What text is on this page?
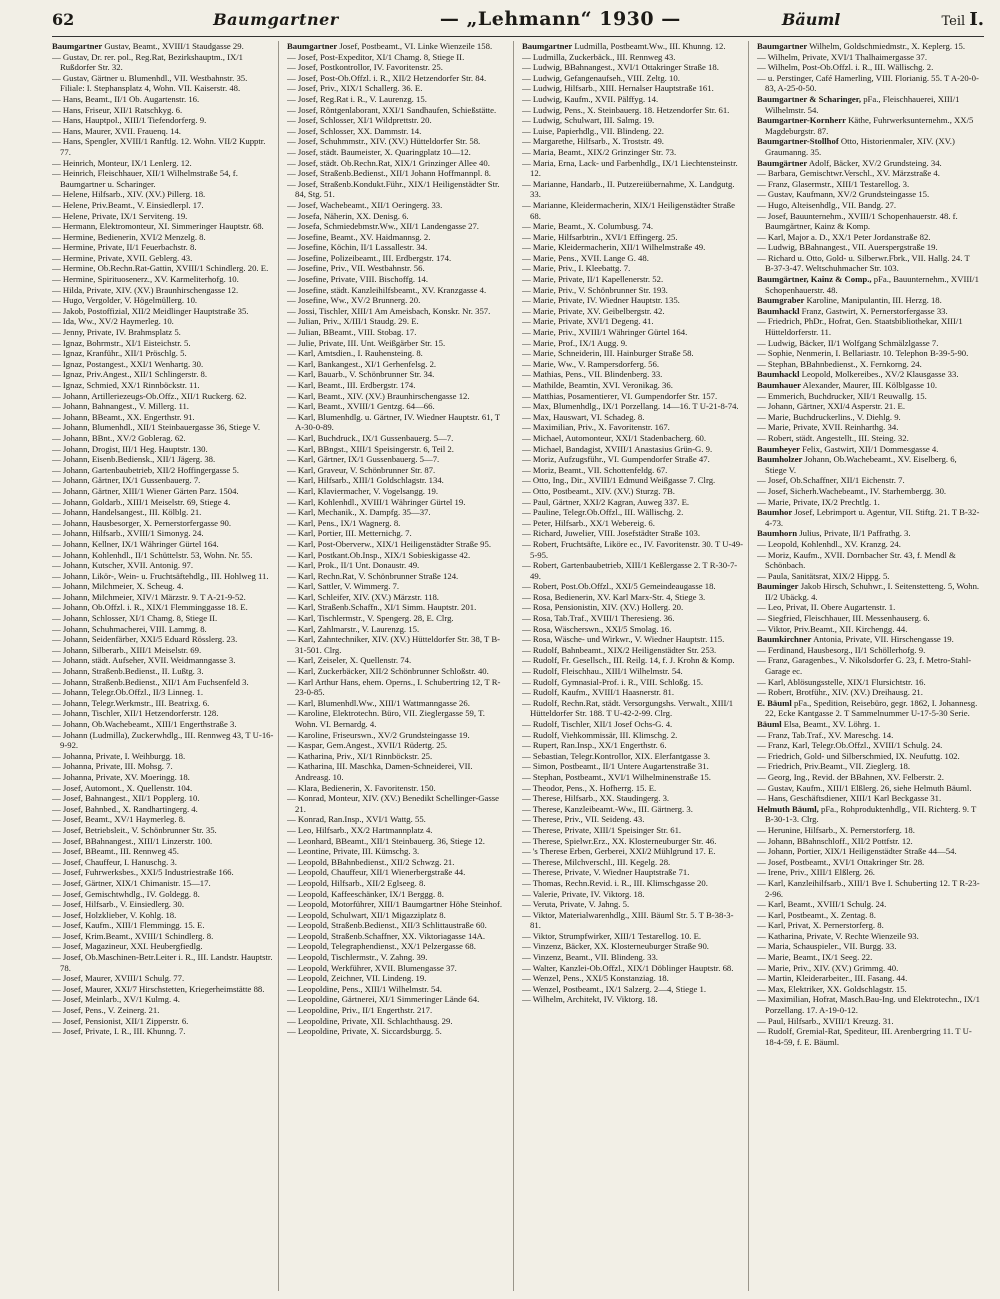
62	Baumgartner	— „Lehmann“ 1930 —	Bäuml	Teil I.

Baumgartner Gustav, Beamt., XVIII/1 Staudgasse 29.

— Gustav, Dr. rer. pol., Reg.Rat, Bezirkshauptm., IX/1 Rußdorfer Str. 32.

— Gustav, Gärtner u. Blumenhdl., VII. Westbahnstr. 35. Filiale: I. Stephansplatz 4, Wohn. VII. Kaiserstr. 48.

— Hans, Beamt., II/1 Ob. Augartenstr. 16.

— Hans, Friseur, XII/1 Ratschkyg. 6.

— Hans, Hauptpol., XIII/1 Tiefendorferg. 9.

— Hans, Maurer, XVII. Frauenq. 14.

— Hans, Spengler, XVIII/1 Ranftlg. 12. Wohn. VII/2 Kupptr. 77.

— Heinrich, Monteur, IX/1 Lenlerg. 12.

— Heinrich, Fleischhauer, XII/1 Wilhelmstraße 54, f. Baumgartner u. Scharinger.

— Helene, Hilfsarb., XIV. (XV.) Pillerg. 18.

— Helene, Priv.Beamt., V. Einsiedlerpl. 17.

— Helene, Private, IX/1 Serviteng. 19.

— Hermann, Elektromonteur, XI. Simmeringer Hauptstr. 68.

— Hermine, Bedienerin, XVI/2 Menzelg. 8.

— Hermine, Private, II/1 Feuerbachstr. 8.

— Hermine, Private, XVII. Geblerg. 43.

— Hermine, Ob.Rechn.Rat-Gattin, XVIII/1 Schindlerg. 20. E.

— Hermine, Spirituosenerz., XV. Karmeliterhofg. 10.

— Hilda, Private, XIV. (XV.) Braunhirschengasse 12.

— Hugo, Vergolder, V. Högelmüllerg. 10.

— Jakob, Postoffizial, XII/2 Meidlinger Hauptstraße 35.

— Ida, Ww., XV/2 Haymerleg. 10.

— Jenny, Private, IV. Brahmsplatz 5.

— Ignaz, Bohrmstr., XI/1 Eisteichstr. 5.

— Ignaz, Kranführ., XII/1 Pröschlg. 5.

— Ignaz, Postangest., XXI/1 Wenhartg. 30.

— Ignaz, Priv.Angest., XII/1 Schlingerstr. 8.

— Ignaz, Schmied, XX/1 Rinnböckstr. 11.

— Johann, Artilleriezeugs-Ob.Offz., XII/1 Ruckerg. 62.

— Johann, Bahnangest., V. Millerg. 11.

— Johann, BBeamt., XX. Engerthstr. 91.

— Johann, Blumenhdl., XII/1 Steinbauergasse 36, Stiege V.

— Johann, BBnt., XV/2 Goblerag. 62.

— Johann, Drogist, III/1 Heg. Hauptstr. 130.

— Johann, Eisenb.Bediensk., XII/1 Jägerg. 38.

— Johann, Gartenbaubetrieb, XII/2 Hoffingergasse 5.

— Johann, Gärtner, IX/1 Gussenbauerg. 7.

— Johann, Gärtner, XIII/1 Wiener Gärten Parz. 1504.

— Johann, Goldarb., XIII/1 Meiselstr. 69, Stiege 4.

— Johann, Handelsangest., III. Kölblg. 21.

— Johann, Hausbesorger, X. Pernerstorfergasse 90.

— Johann, Hilfsarb., XVIII/1 Simonyg. 24.

— Johann, Kellner, IX/1 Währinger Gürtel 164.

— Johann, Kohlenhdl., II/1 Schüttelstr. 53, Wohn. Nr. 55.

— Johann, Kutscher, XVII. Antonig. 97.

— Johann, Likör-, Wein- u. Fruchtsäftehdlg., III. Hohlweg 11.

— Johann, Milchmeier, X. Scheug. 4.

— Johann, Milchmeier, XIV/1 Märzstr. 9. T A-21-9-52.

— Johann, Ob.Offzl. i. R., XIX/1 Flemminggasse 18. E.

— Johann, Schlosser, XI/1 Chamg. 8, Stiege II.

— Johann, Schuhmacherei, VIII. Lammg. 8.

— Johann, Seidenfärber, XXI/5 Eduard Rösslerg. 23.

— Johann, Silberarb., XIII/1 Meiselstr. 69.

— Johann, städt. Aufseher, XVII. Weidmanngasse 3.

— Johann, Straßenb.Bedienst., II. Lußtg. 3.

— Johann, Straßenb.Bedienst., XII/1 Am Fuchsenfeld 3.

— Johann, Telegr.Ob.Offzl., II/3 Linneg. 1.

— Johann, Telegr.Werkmstr., III. Beatrixg. 6.

— Johann, Tischler, XII/1 Hetzendorferstr. 128.

— Johann, Ob.Wachebeamt., XIII/1 Engerthstraße 3.

— Johann (Ludmilla), Zuckerwhdlg., III. Rennweg 43, T U-16-9-92.

— Johanna, Private, I. Weihburgg. 18.

— Johanna, Private, III. Mohsg. 7.

— Johanna, Private, XV. Moeringg. 18.

— Josef, Automont., X. Quellenstr. 104.

— Josef, Bahnangest., XII/1 Popplerg. 10.

— Josef, Bahnbed., X. Randhartingerg. 4.

— Josef, Beamt., XV/1 Haymerleg. 8.

— Josef, Betriebsleit., V. Schönbrunner Str. 35.

— Josef, BBahnangest., XIII/1 Linzerstr. 100.

— Josef, BBeamt., III. Rennweg 45.

— Josef, Chauffeur, I. Hanuschg. 3.

— Josef, Fuhrwerksbes., XXI/5 Industriestraße 166.

— Josef, Gärtner, XIX/1 Chimanistr. 15—17.

— Josef, Gemischtwhdlg., IV. Goldegg. 8.

— Josef, Hilfsarb., V. Einsiedlerg. 30.

— Josef, Holzklieber, V. Kohlg. 18.

— Josef, Kaufm., XIII/1 Flemmingg. 15. E.

— Josef, Krim.Beamt., XVIII/1 Schindlerg. 8.

— Josef, Magazineur, XXI. Heubergfiedlg.

— Josef, Ob.Maschinen-Betr.Leiter i. R., III. Landstr. Hauptstr. 78.

— Josef, Maurer, XVIII/1 Schulg. 77.

— Josef, Maurer, XXI/7 Hirschstetten, Kriegerheimstätte 88.

— Josef, Meinlarb., XV/1 Kulmg. 4.

— Josef, Pens., V. Zeinerg. 21.

— Josef, Pensionist, XII/1 Zipperstr. 6.

— Josef, Private, I. R., III. Khunng. 7.

Baumgartner Josef, Postbeamt., VI. Linke Wienzeile 158.

— Josef, Post-Expeditor, XI/1 Chamg. 8, Stiege II.

— Josef, Postkontrollor, IV. Favoritenstr. 25.

— Josef, Post-Ob.Offzl. i. R., XII/2 Hetzendorfer Str. 84.

— Josef, Priv., XIX/1 Schallerg. 36. E.

— Josef, Reg.Rat i. R., V. Laurenzg. 15.

— Josef, Röntgenlaborant, XXI/1 Sandhaufen, Schießstätte.

— Josef, Schlosser, XI/1 Wildprettstr. 20.

— Josef, Schlosser, XX. Dammstr. 14.

— Josef, Schuhmmstr., XIV. (XV.) Hütteldorfer Str. 58.

— Josef, städt. Baumeister, X. Quaringplatz 10—12.

— Josef, städt. Ob.Rechn.Rat, XIX/1 Grinzinger Allee 40.

— Josef, Straßenb.Bedienst., XII/1 Johann Hoffmannpl. 8.

— Josef, Straßenb.Kondukt.Führ., XIX/1 Heiligenstädter Str. 84, Stg. 51.

— Josef, Wachebeamt., XII/1 Oeringerg. 33.

— Josefa, Näherin, XX. Denisg. 6.

— Josefa, Schmiedebmstr.Ww., XII/1 Landengasse 27.

— Josefine, Beamt., XV. Haidmannsg. 2.

— Josefine, Köchin, II/1 Lassallestr. 34.

— Josefine, Polizeibeamt., III. Erdbergstr. 174.

— Josefine, Priv., VII. Westbahnstr. 56.

— Josefine, Private, VIII. Bischoffg. 14.

— Josefine, städt. Kanzleihilfsbeamt., XV. Kranzgasse 4.

— Josefine, Ww., XV/2 Brunnerg. 20.

— Jossi, Tischler, XIII/1 Am Ameisbach, Konskr. Nr. 357.

— Julian, Priv., X/III/1 Staudg. 29. E.

— Julian, BBeamt., VIII. Stobag. 17.

— Julie, Private, III. Unt. Weißgärber Str. 15.

— Karl, Amtsdien., I. Rauhensteing. 8.

— Karl, Bankangest., XI/1 Gerhenfelsg. 2.

— Karl, Bauarb., V. Schönbrunner Str. 34.

— Karl, Beamt., III. Erdbergstr. 174.

— Karl, Beamt., XIV. (XV.) Braunhirschengasse 12.

— Karl, Beamt., XVIII/1 Gentzg. 64—66.

— Karl, Blumenhdlg. u. Gärtner, IV. Wiedner Hauptstr. 61, T A-30-0-89.

— Karl, Buchdruck., IX/1 Gussenbauerg. 5—7.

— Karl, BBngst., XIII/1 Speisingerstr. 6, Teil 2.

— Karl, Gärtner, IX/1 Gussenbauerg. 5—7.

— Karl, Graveur, V. Schönbrunner Str. 87.

— Karl, Hilfsarb., XIII/1 Goldschlagstr. 134.

— Karl, Klaviermacher, V. Vogelsangg. 19.

— Karl, Kohlenhdl., XVIII/1 Währinger Gürtel 19.

— Karl, Mechanik., X. Dampfg. 35—37.

— Karl, Pens., IX/1 Wagnerg. 8.

— Karl, Portier, III. Metternichg. 7.

— Karl, Post-Oberverw., XIX/1 Heiligenstädter Straße 95.

— Karl, Postkant.Ob.Insp., XIX/1 Sobieskigasse 42.

— Karl, Prok., II/1 Unt. Donaustr. 49.

— Karl, Rechn.Rat, V. Schönbrunner Straße 124.

— Karl, Sattler, V. Wimmerg. 7.

— Karl, Schleifer, XIV. (XV.) Märzstr. 118.

— Karl, Straßenb.Schaffn., XI/1 Simm. Hauptstr. 201.

— Karl, Tischlermstr., V. Spengerg. 28, E. Clrg.

— Karl, Zahlmarstr., V. Laurenzg. 15.

— Karl, Zahntechniker, XIV. (XV.) Hütteldorfer Str. 38, T B-31-501. Clrg.

— Karl, Zeiseler, X. Quellenstr. 74.

— Karl, Zuckerbäcker, XII/2 Schönbrunner Schloßstr. 40.

— Karl Arthur Hans, ehem. Operns., I. Schubertring 12, T R-23-0-85.

— Karl, Blumenhdl.Ww., XIII/1 Wattmanngasse 26.

— Karoline, Elektrotechn. Büro, VII. Zieglergasse 59, T. Wohn. VI. Bernardg. 4.

— Karoline, Friseurswn., XV/2 Grundsteingasse 19.

— Kaspar, Gem.Angest., XVII/1 Rüdertg. 25.

— Katharina, Priv., XI/1 Rinnböckstr. 25.

— Katharina, III. Maschka, Damen-Schneiderei, VII. Andreasg. 10.

— Klara, Bedienerin, X. Favoritenstr. 150.

— Konrad, Monteur, XIV. (XV.) Benedikt Schellinger-Gasse 21.

— Konrad, Ran.Insp., XVI/1 Wattg. 55.

— Leo, Hilfsarb., XX/2 Hartmannplatz 4.

— Leonhard, BBeamt., XII/1 Steinbauerg. 36, Stiege 12.

— Leontine, Private, III. Kümschg. 3.

— Leopold, BBahnbedienst., XII/2 Schwzg. 21.

— Leopold, Chauffeur, XII/1 Wienerbergstraße 44.

— Leopold, Hilfsarb., XII/2 Eglseeg. 8.

— Leopold, Kaffeeschänker, IX/1 Berggg. 8.

— Leopold, Motorführer, XIII/1 Baumgartner Höhe Steinhof.

— Leopold, Schulwart, XII/1 Migazziplatz 8.

— Leopold, Straßenb.Bedienst., XII/3 Schlittaustraße 60.

— Leopold, Straßenb.Schaffner, XX. Viktoriagasse 14A.

— Leopold, Telegraphendienst., XX/1 Pelzergasse 68.

— Leopold, Tischlermstr., V. Zahng. 39.

— Leopold, Werkführer, XVII. Blumengasse 37.

— Leopold, Zeichner, VII. Lindeng. 19.

— Leopoldine, Pens., XIII/1 Wilhelmstr. 54.

— Leopoldine, Gärtnerei, XI/1 Simmeringer Lände 64.

— Leopoldine, Priv., II/1 Engerthstr. 217.

— Leopoldine, Private, XII. Schlachthausg. 29.

— Leopoldine, Private, X. Siccardsburgg. 5.

Baumgartner Ludmilla, Postbeamt.Ww., III. Khunng. 12.

— Ludmilla, Zuckerbäck., III. Rennweg 43.

— Ludwig, BBahnangest., XVI/1 Ottakringer Straße 18.

— Ludwig, Gefangenaufseh., VIII. Zeltg. 10.

— Ludwig, Hilfsarb., XIII. Hernalser Hauptstraße 161.

— Ludwig, Kaufm., XVII. Pälffyg. 14.

— Ludwig, Pens., X. Steinbauerg. 18. Hetzendorfer Str. 61.

— Ludwig, Schulwart, III. Salmg. 19.

— Luise, Papierhdlg., VII. Blindeng. 22.

— Margarethe, Hilfsarb., X. Troststr. 49.

— Maria, Beamt., XIX/2 Grinzinger Str. 73.

— Maria, Erna, Lack- und Farbenhdlg., IX/1 Liechtensteinstr. 12.

— Marianne, Handarb., II. Putzereiübernahme, X. Landgutg. 33.

— Marianne, Kleidermacherin, XIX/1 Heiligenstädter Straße 68.

— Marie, Beamt., X. Columbusg. 74.

— Marie, Hilfsarbtrin., XVI/1 Effingerg. 25.

— Marie, Kleidermacherin, XII/1 Wilhelmstraße 49.

— Marie, Pens., XVII. Lange G. 48.

— Marie, Priv., I. Kleebattg. 7.

— Marie, Private, II/1 Kapellenerstr. 52.

— Marie, Priv., V. Schönbrunner Str. 193.

— Marie, Private, IV. Wiedner Hauptstr. 135.

— Marie, Private, XV. Geibelbergstr. 42.

— Marie, Private, XVI/1 Degeng. 41.

— Marie, Priv., XVIII/1 Währinger Gürtel 164.

— Marie, Prof., IX/1 Augg. 9.

— Marie, Schneiderin, III. Hainburger Straße 58.

— Marie, Ww., V. Rampersdorferg. 56.

— Mathias, Pens., VII. Blindenberg. 33.

— Mathilde, Beamtin, XVI. Veronikag. 36.

— Matthias, Posamentierer, VI. Gumpendorfer Str. 157.

— Max, Blumenhdlg., IX/1 Porzellang. 14—16. T U-21-8-74.

— Max, Hauswart, VI. Schadeg. 8.

— Maximilian, Priv., X. Favoritenstr. 167.

— Michael, Automonteur, XXI/1 Stadenbacherg. 60.

— Michael, Bandagist, XVIII/1 Anastasius Grün-G. 9.

— Moriz, Aufzugsführ., VI. Gumpendorfer Straße 47.

— Moriz, Beamt., VII. Schottenfeldg. 67.

— Otto, Ing., Dir., XVIII/1 Edmund Weißgasse 7. Clrg.

— Otto, Postbeamt., XIV. (XV.) Sturzg. 7B.

— Paul, Gärtner, XXI/2 Kagran, Auweg 337. E.

— Pauline, Telegr.Ob.Offzl., III. Wällischg. 2.

— Peter, Hilfsarb., XX/1 Webereig. 6.

— Richard, Juwelier, VIII. Josefstädter Straße 103.

— Robert, Fruchtsäfte, Liköre ec., IV. Favoritenstr. 30. T U-49-5-95.

— Robert, Gartenbaubetrieb, XIII/1 Keßlergasse 2. T R-30-7-49.

— Robert, Post.Ob.Offzl., XXI/5 Gemeindeaugasse 18.

— Rosa, Bedienerin, XV. Karl Marx-Str. 4, Stiege 3.

— Rosa, Pensionistin, XIV. (XV.) Hollerg. 20.

— Rosa, Tab.Traf., XVIII/1 Theresieng. 36.

— Rosa, Wäscherswn., XXI/5 Smolag. 16.

— Rosa, Wäsche- und Wirkwr., V. Wiedner Hauptstr. 115.

— Rudolf, Bahnbeamt., XIX/2 Heiligenstädter Str. 253.

— Rudolf, Fr. Gesellsch., III. Reilg. 14, f. J. Krohn & Komp.

— Rudolf, Fleischhau., XIII/1 Wilhelmstr. 54.

— Rudolf, Gymnasial-Prof. i. R., VIII. Schloßg. 15.

— Rudolf, Kaufm., XVIII/1 Haasnerstr. 81.

— Rudolf, Rechn.Rat, städt. Versorgungshs. Verwalt., XIII/1 Hütteldorfer Str. 188. T U-42-2-99. Clrg.

— Rudolf, Tischler, XII/1 Josef Ochs-G. 4.

— Rudolf, Viehkommissär, III. Klimschg. 2.

— Rupert, Ran.Insp., XX/1 Engerthstr. 6.

— Sebastian, Telegr.Kontrollor, XIX. Elerfantgasse 3.

— Simon, Postbeamt., II/1 Untere Augartenstraße 31.

— Stephan, Postbeamt., XVI/1 Wilhelminenstraße 15.

— Theodor, Pens., X. Hofherrg. 15. E.

— Therese, Hilfsarb., XX. Staudingerg. 3.

— Therese, Kanzleibeamt.-Ww., III. Gärtnerg. 3.

— Therese, Priv., VII. Seideng. 43.

— Therese, Private, XIII/1 Speisinger Str. 61.

— Therese, Spielwr.Erz., XX. Klosterneuburger Str. 46.

— 's Therese Erben, Gerberei, XXI/2 Mühlgrund 17. E.

— Therese, Milchverschl., III. Kegelg. 28.

— Therese, Private, V. Wiedner Hauptstraße 71.

— Thomas, Rechn.Revid. i. R., III. Klimschgasse 20.

— Valerie, Private, IV. Viktorg. 18.

— Veruta, Private, V. Jahng. 5.

— Viktor, Materialwarenhdlg., XIII. Bäuml Str. 5. T B-38-3-81.

— Viktor, Strumpfwirker, XIII/1 Testarellog. 10. E.

— Vinzenz, Bäcker, XX. Klosterneuburger Straße 90.

— Vinzenz, Beamt., VII. Blindeng. 33.

— Walter, Kanzlei-Ob.Offzl., XIX/1 Döblinger Hauptstr. 68.

— Wenzel, Pens., XXI/5 Konstanziag. 18.

— Wenzel, Postbeamt., IX/1 Salzerg. 2—4, Stiege 1.

— Wilhelm, Architekt, IV. Viktorg. 18.

Baumgartner Wilhelm, Goldschmiedmstr., X. Keplerg. 15.

— Wilhelm, Private, XVI/1 Thalhaimergasse 37.

— Wilhelm, Post-Ob.Offzl. i. R., III. Wällischg. 2.

— u. Perstinger, Café Hamerling, VIII. Florianig. 55. T A-20-0-83, A-25-0-50.

Baumgartner & Scharinger, pFa., Fleischhauerei, XIII/1 Wilhelmstr. 54.

Baumgartner-Kornherr Käthe, Fuhrwerksunternehm., XX/5 Magdeburgstr. 87.

Baumgartner-Stollhof Otto, Historienmaler, XIV. (XV.) Graumanng. 35.

Baumgärtner Adolf, Bäcker, XV/2 Grundsteing. 34.

— Barbara, Gemischtwr.Verschl., XV. Märzstraße 4.

— Franz, Glasermstr., XIII/1 Testarellog. 3.

— Gustav, Kaufmann, XV/2 Grundsteingasse 15.

— Hugo, Alteisenhdlg., VII. Bandg. 27.

— Josef, Bauunternehm., XVIII/1 Schopenhauerstr. 48. f. Baumgärtner, Kainz & Komp.

— Karl, Major a. D., XX/1 Peter Jordanstraße 82.

— Ludwig, BBahnangest., VII. Auerspergstraße 19.

— Richard u. Otto, Gold- u. Silberwr.Fbrk., VII. Hallg. 24. T B-37-3-47. Weltschuhmacher Str. 103.

Baumgärtner, Kainz & Comp., pFa., Bauunternehm., XVIII/1 Schopenhauerstr. 48.

Baumgraber Karoline, Manipulantin, III. Herzg. 18.

Baumhackl Franz, Gastwirt, X. Pernerstorfergasse 33.

— Friedrich, PhDr., Hofrat, Gen. Staatsbibliothekar, XIII/1 Hütteldorferstr. 11.

— Ludwig, Bäcker, II/1 Wolfgang Schmälzlgasse 7.

— Sophie, Nenmerin, I. Bellariastr. 10. Telephon B-39-5-90.

— Stephan, BBahnbedienst., X. Fernkorng. 24.

Baumhackl Leopold, Molkereibes., XV/2 Klausgasse 33.

Baumhauer Alexander, Maurer, III. Kölblgasse 10.

— Emmerich, Buchdrucker, XII/1 Reuwallg. 15.

— Johann, Gärtner, XXI/4 Asperstr. 21. E.

— Marie, Buchdruckerlins., V. Diehlg. 9.

— Marie, Private, XVII. Reinharthg. 34.

— Robert, städt. Angestellt., III. Steing. 32.

Baumheyer Felix, Gastwirt, XII/1 Dommesgasse 4.

Baumholzer Johann, Ob.Wachebeamt., XV. Eiselberg. 6, Stiege V.

— Josef, Ob.Schaffner, XII/1 Eichenstr. 7.

— Josef, Sicherh.Wachebeamt., IV. Starhembergg. 30.

— Marie, Private, IX/2 Prechtlg. 1.

Baumhor Josef, Lebrimport u. Agentur, VII. Stiftg. 21. T B-32-4-73.

Baumhorn Julius, Private, II/1 Paffrathg. 3.

— Leopold, Kohlenhdl., XV. Kranzg. 24.

— Moriz, Kaufm., XVII. Dornbacher Str. 43, f. Mendl & Schönbach.

— Paula, Sanitätsrat, XIX/2 Hippg. 5.

Bauminger Jakob Hirsch, Schuhwr., I. Seitenstetteng. 5, Wohn. II/2 Ubäckg. 4.

— Leo, Privat, II. Obere Augartenstr. 1.

— Siegfried, Fleischhauer, III. Messenhauserg. 6.

— Viktor, Priv.Beamt., XII. Kirchengg. 44.

Baumkirchner Antonia, Private, VII. Hirschengasse 19.

— Ferdinand, Hausbesorg., II/1 Schöllerhofg. 9.

— Franz, Garagenbes., V. Nikolsdorfer G. 23, f. Metro-Stahl-Garage ec.

— Karl, Ablösungsstelle, XIX/1 Flursichtstr. 16.

— Robert, Brotführ., XIV. (XV.) Dreihausg. 21.

E. Bäuml pFa., Spedition, Reisebüro, gegr. 1862, I. Johannesg. 22, Ecke Kantgasse 2. T Sammelnummer U-17-5-30 Serie.

Bäuml Elsa, Beamt., XV. Löhrg. 1.

— Franz, Tab.Traf., XV. Mareschg. 14.

— Franz, Karl, Telegr.Ob.Offzl., XVIII/1 Schulg. 24.

— Friedrich, Gold- und Silberschmied, IX. Neufuttg. 102.

— Friedrich, Priv.Beamt., VII. Zieglerg. 18.

— Georg, Ing., Revid. der BBahnen, XV. Felberstr. 2.

— Gustav, Kaufm., XIII/1 Elßlerg. 26, siehe Helmuth Bäuml.

— Hans, Geschäftsdiener, XIII/1 Karl Beckgasse 31.

Helmuth Bäuml, pFa., Rohproduktenhdlg., VII. Richterg. 9. T B-30-1-3. Clrg.

— Herunine, Hilfsarb., X. Pernerstorferg. 18.

— Johann, BBahnschloff., XII/2 Pottfstr. 12.

— Johann, Portier, XIX/1 Heiligenstädter Straße 44—54.

— Josef, Postbeamt., XVI/1 Ottakringer Str. 28.

— Irene, Priv., XIII/1 Elßlerg. 26.

— Karl, Kanzleihilfsarb., XIII/1 Bve I. Schuberting 12. T R-23-2-96.

— Karl, Beamt., XVIII/1 Schulg. 24.

— Karl, Postbeamt., X. Zentag. 8.

— Karl, Privat, X. Pernerstorferg. 8.

— Katharina, Private, V. Rechte Wienzeile 93.

— Maria, Schauspieler., VII. Burgg. 33.

— Marie, Beamt., IX/1 Seeg. 22.

— Marie, Priv., XIV. (XV.) Grimmg. 40.

— Martin, Kleiderarbeiter., III. Fasang. 44.

— Max, Elektriker, XX. Goldschlagstr. 15.

— Maximilian, Hofrat, Masch.Bau-Ing. und Elektrotechn., IX/1 Porzellang. 17. A-19-0-12.

— Paul, Hilfsarb., XVIII/1 Kreuzg. 31.

— Rudolf, Gremial-Rat, Spediteur, III. Arenbergring 11. T U-18-4-59, f. E. Bäuml.
